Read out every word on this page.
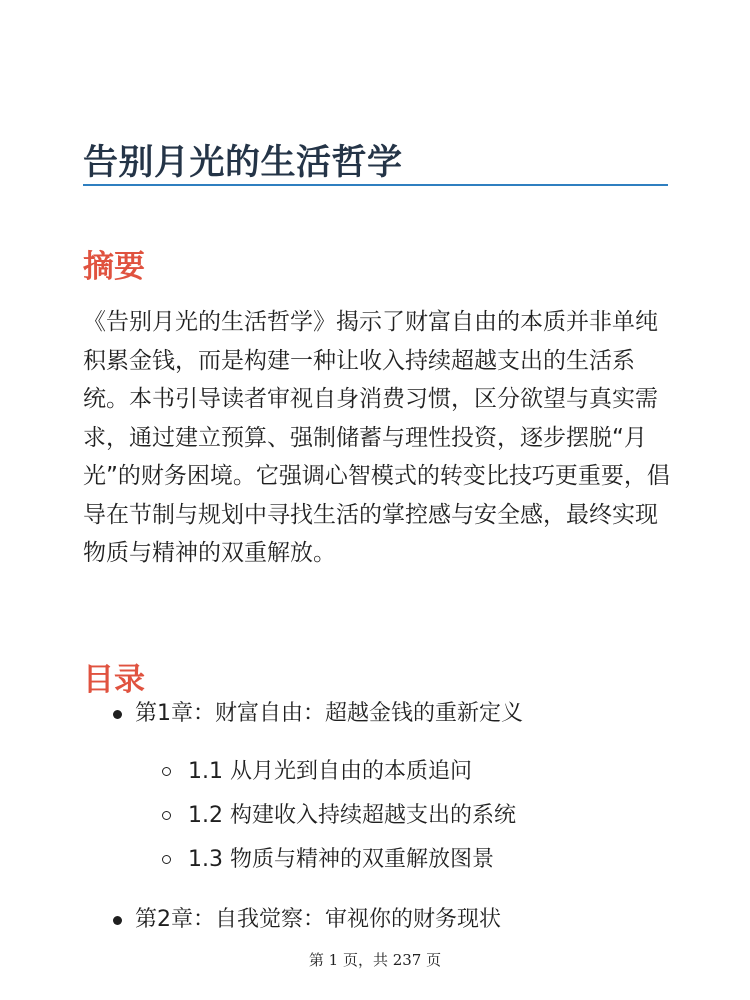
告别月光的生活哲学
摘要

《告别月光的生活哲学》揭示了财富自由的本质并非单纯积累金钱，而是构建一种让收入持续超越支出的生活系统。本书引导读者审视自身消费习惯，区分欲望与真实需求，通过建立预算、强制储蓄与理性投资，逐步摆脱“月光”的财务困境。它强调心智模式的转变比技巧更重要，倡导在节制与规划中寻找生活的掌控感与安全感，最终实现物质与精神的双重解放。

目录
第1章：财富自由：超越金钱的重新定义
1.1 从月光到自由的本质追问
1.2 构建收入持续超越支出的系统
1.3 物质与精神的双重解放图景
第2章：自我觉察：审视你的财务现状
第 1 页，共 237 页
